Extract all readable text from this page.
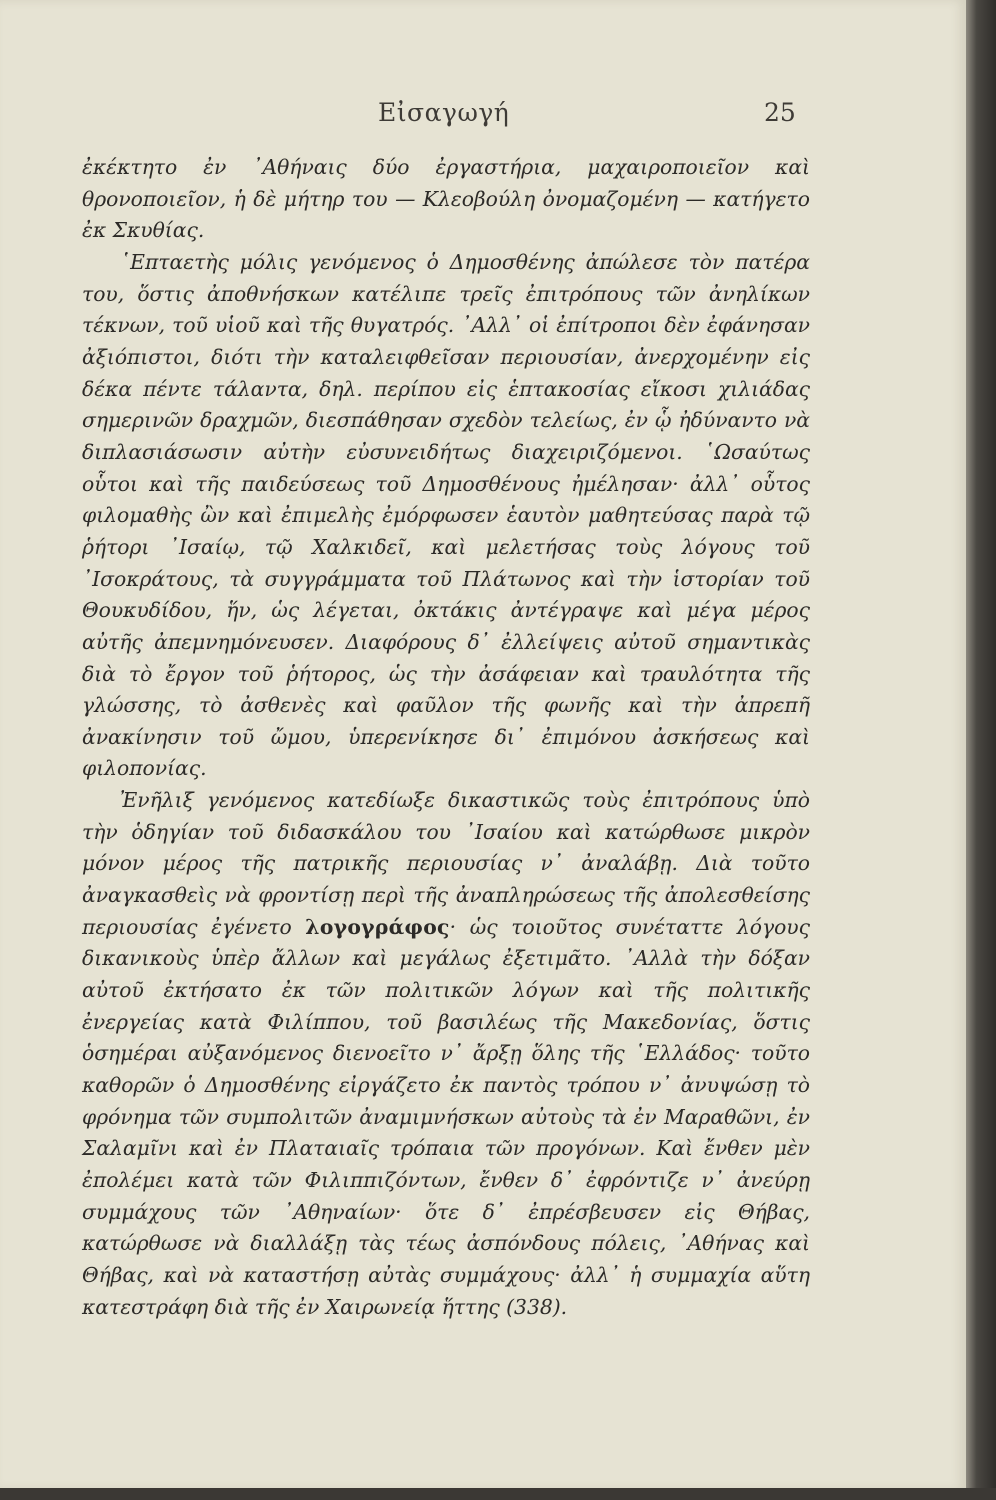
Εἰσαγωγή	25

ἐκέκτητο ἐν ᾿Αθήναις δύο ἐργαστήρια, μαχαιροποιεῖον καὶ θρονοποιεῖον, ἡ δὲ μήτηρ του — Κλεοβούλη ὀνομαζομένη — κατήγετο ἐκ Σκυθίας.

῾Επταετὴς μόλις γενόμενος ὁ Δημοσθένης ἀπώλεσε τὸν πατέρα του, ὅστις ἀποθνήσκων κατέλιπε τρεῖς ἐπιτρόπους τῶν ἀνηλίκων τέκνων, τοῦ υἱοῦ καὶ τῆς θυγατρός. ᾿Αλλ᾿ οἱ ἐπίτροποι δὲν ἐφάνησαν ἀξιόπιστοι, διότι τὴν καταλειφθεῖσαν περιουσίαν, ἀνερχομένην εἰς δέκα πέντε τάλαντα, δηλ. περίπου εἰς ἑπτακοσίας εἴκοσι χιλιάδας σημερινῶν δραχμῶν, διεσπάθησαν σχεδὸν τελείως, ἐν ᾧ ἠδύναντο νὰ διπλασιάσωσιν αὐτὴν εὐσυνειδήτως διαχειριζόμενοι. ῾Ωσαύτως οὗτοι καὶ τῆς παιδεύσεως τοῦ Δημοσθένους ἠμέλησαν· ἀλλ᾿ οὗτος φιλομαθὴς ὢν καὶ ἐπιμελὴς ἐμόρφωσεν ἑαυτὸν μαθητεύσας παρὰ τῷ ῥήτορι ᾿Ισαίῳ, τῷ Χαλκιδεῖ, καὶ μελετήσας τοὺς λόγους τοῦ ᾿Ισοκράτους, τὰ συγγράμματα τοῦ Πλάτωνος καὶ τὴν ἱστορίαν τοῦ Θουκυδίδου, ἥν, ὡς λέγεται, ὀκτάκις ἀντέγραψε καὶ μέγα μέρος αὐτῆς ἀπεμνημόνευσεν. Διαφόρους δ᾿ ἐλλείψεις αὐτοῦ σημαντικὰς διὰ τὸ ἔργον τοῦ ῥήτορος, ὡς τὴν ἀσάφειαν καὶ τραυλότητα τῆς γλώσσης, τὸ ἀσθενὲς καὶ φαῦλον τῆς φωνῆς καὶ τὴν ἀπρεπῆ ἀνακίνησιν τοῦ ὤμου, ὑπερενίκησε δι᾿ ἐπιμόνου ἀσκήσεως καὶ φιλοπονίας.

Ἐνῆλιξ γενόμενος κατεδίωξε δικαστικῶς τοὺς ἐπιτρόπους ὑπὸ τὴν ὁδηγίαν τοῦ διδασκάλου του ᾿Ισαίου καὶ κατώρθωσε μικρὸν μόνον μέρος τῆς πατρικῆς περιουσίας ν᾿ ἀναλάβῃ. Διὰ τοῦτο ἀναγκασθεὶς νὰ φροντίσῃ περὶ τῆς ἀναπληρώσεως τῆς ἀπολεσθείσης περιουσίας ἐγένετο λογογράφος· ὡς τοιοῦτος συνέταττε λόγους δικανικοὺς ὑπὲρ ἄλλων καὶ μεγάλως ἐξετιμᾶτο. ᾿Αλλὰ τὴν δόξαν αὐτοῦ ἐκτήσατο ἐκ τῶν πολιτικῶν λόγων καὶ τῆς πολιτικῆς ἐνεργείας κατὰ Φιλίππου, τοῦ βασιλέως τῆς Μακεδονίας, ὅστις ὁσημέραι αὐξανόμενος διενοεῖτο ν᾿ ἄρξῃ ὅλης τῆς ῾Ελλάδος· τοῦτο καθορῶν ὁ Δημοσθένης εἰργάζετο ἐκ παντὸς τρόπου ν᾿ ἀνυψώσῃ τὸ φρόνημα τῶν συμπολιτῶν ἀναμιμνήσκων αὐτοὺς τὰ ἐν Μαραθῶνι, ἐν Σαλαμῖνι καὶ ἐν Πλαταιαῖς τρόπαια τῶν προγόνων. Καὶ ἔνθεν μὲν ἐπολέμει κατὰ τῶν Φιλιππιζόντων, ἔνθεν δ᾿ ἐφρόντιζε ν᾿ ἀνεύρῃ συμμάχους τῶν ᾿Αθηναίων· ὅτε δ᾿ ἐπρέσβευσεν εἰς Θήβας, κατώρθωσε νὰ διαλλάξῃ τὰς τέως ἀσπόνδους πόλεις, ᾿Αθήνας καὶ Θήβας, καὶ νὰ καταστήσῃ αὐτὰς συμμάχους· ἀλλ᾿ ἡ συμμαχία αὕτη κατεστράφη διὰ τῆς ἐν Χαιρωνείᾳ ἥττης (338).
